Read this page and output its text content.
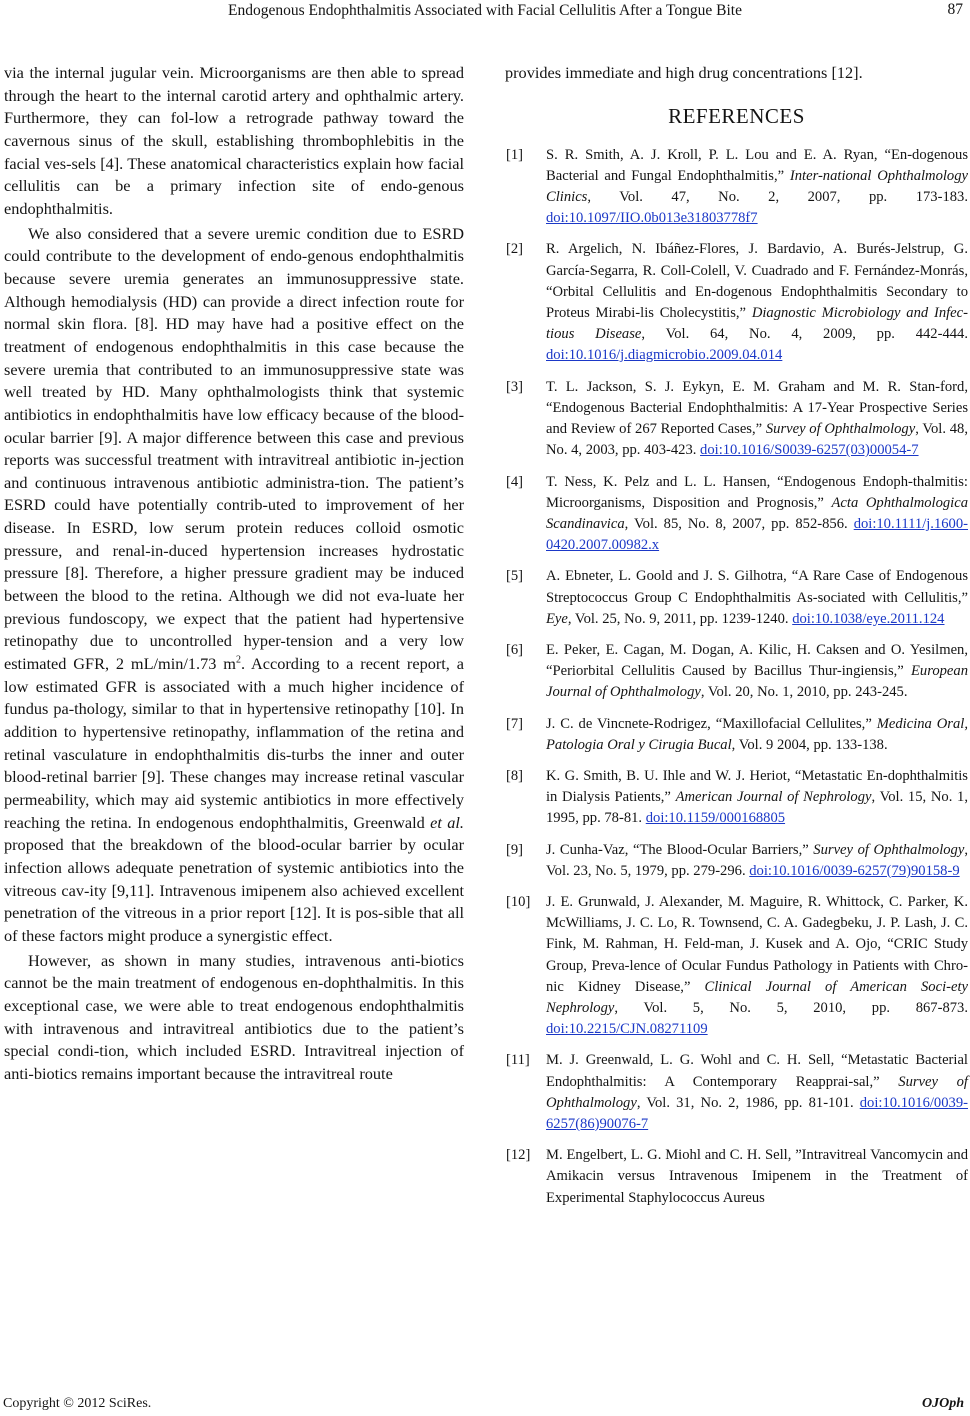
Endogenous Endophthalmitis Associated with Facial Cellulitis After a Tongue Bite	87

via the internal jugular vein. Microorganisms are then able to spread through the heart to the internal carotid artery and ophthalmic artery. Furthermore, they can fol-low a retrograde pathway toward the cavernous sinus of the skull, establishing thrombophlebitis in the facial ves-sels [4]. These anatomical characteristics explain how facial cellulitis can be a primary infection site of endo-genous endophthalmitis.

We also considered that a severe uremic condition due to ESRD could contribute to the development of endo-genous endophthalmitis because severe uremia generates an immunosuppressive state. Although hemodialysis (HD) can provide a direct infection route for normal skin flora. [8]. HD may have had a positive effect on the treatment of endogenous endophthalmitis in this case because the severe uremia that contributed to an immunosuppressive state was well treated by HD. Many ophthalmologists think that systemic antibiotics in endophthalmitis have low efficacy because of the blood-ocular barrier [9]. A major difference between this case and previous reports was successful treatment with intravitreal antibiotic in-jection and continuous intravenous antibiotic administra-tion. The patient’s ESRD could have potentially contrib-uted to improvement of her disease. In ESRD, low serum protein reduces colloid osmotic pressure, and renal-in-duced hypertension increases hydrostatic pressure [8]. Therefore, a higher pressure gradient may be induced between the blood to the retina. Although we did not eva-luate her previous fundoscopy, we expect that the patient had hypertensive retinopathy due to uncontrolled hyper-tension and a very low estimated GFR, 2 mL/min/1.73 $m^2$. According to a recent report, a low estimated GFR is associated with a much higher incidence of fundus pa-thology, similar to that in hypertensive retinopathy [10]. In addition to hypertensive retinopathy, inflammation of the retina and retinal vasculature in endophthalmitis dis-turbs the inner and outer blood-retinal barrier [9]. These changes may increase retinal vascular permeability, which may aid systemic antibiotics in more effectively reaching the retina. In endogenous endophthalmitis, Greenwald et al. proposed that the breakdown of the blood-ocular barrier by ocular infection allows adequate penetration of systemic antibiotics into the vitreous cav-ity [9,11]. Intravenous imipenem also achieved excellent penetration of the vitreous in a prior report [12]. It is pos-sible that all of these factors might produce a synergistic effect.

However, as shown in many studies, intravenous anti-biotics cannot be the main treatment of endogenous en-dophthalmitis. In this exceptional case, we were able to treat endogenous endophthalmitis with intravenous and intravitreal antibiotics due to the patient’s special condi-tion, which included ESRD. Intravitreal injection of anti-biotics remains important because the intravitreal route

provides immediate and high drug concentrations [12].

REFERENCES
[1] S. R. Smith, A. J. Kroll, P. L. Lou and E. A. Ryan, “En-dogenous Bacterial and Fungal Endophthalmitis,” Inter-national Ophthalmology Clinics, Vol. 47, No. 2, 2007, pp. 173-183. doi:10.1097/IIO.0b013e31803778f7
[2] R. Argelich, N. Ibáñez-Flores, J. Bardavio, A. Burés-Jelstrup, G. García-Segarra, R. Coll-Colell, V. Cuadrado and F. Fernández-Monrás, “Orbital Cellulitis and En-dogenous Endophthalmitis Secondary to Proteus Mirabi-lis Cholecystitis,” Diagnostic Microbiology and Infec-tious Disease, Vol. 64, No. 4, 2009, pp. 442-444. doi:10.1016/j.diagmicrobio.2009.04.014
[3] T. L. Jackson, S. J. Eykyn, E. M. Graham and M. R. Stan-ford, “Endogenous Bacterial Endophthalmitis: A 17-Year Prospective Series and Review of 267 Reported Cases,” Survey of Ophthalmology, Vol. 48, No. 4, 2003, pp. 403-423. doi:10.1016/S0039-6257(03)00054-7
[4] T. Ness, K. Pelz and L. L. Hansen, “Endogenous Endoph-thalmitis: Microorganisms, Disposition and Prognosis,” Acta Ophthalmologica Scandinavica, Vol. 85, No. 8, 2007, pp. 852-856. doi:10.1111/j.1600-0420.2007.00982.x
[5] A. Ebneter, L. Goold and J. S. Gilhotra, “A Rare Case of Endogenous Streptococcus Group C Endophthalmitis As-sociated with Cellulitis,” Eye, Vol. 25, No. 9, 2011, pp. 1239-1240. doi:10.1038/eye.2011.124
[6] E. Peker, E. Cagan, M. Dogan, A. Kilic, H. Caksen and O. Yesilmen, “Periorbital Cellulitis Caused by Bacillus Thur-ingiensis,” European Journal of Ophthalmology, Vol. 20, No. 1, 2010, pp. 243-245.
[7] J. C. de Vincnete-Rodrigez, “Maxillofacial Cellulites,” Medicina Oral, Patologia Oral y Cirugia Bucal, Vol. 9 2004, pp. 133-138.
[8] K. G. Smith, B. U. Ihle and W. J. Heriot, “Metastatic En-dophthalmitis in Dialysis Patients,” American Journal of Nephrology, Vol. 15, No. 1, 1995, pp. 78-81. doi:10.1159/000168805
[9] J. Cunha-Vaz, “The Blood-Ocular Barriers,” Survey of Ophthalmology, Vol. 23, No. 5, 1979, pp. 279-296. doi:10.1016/0039-6257(79)90158-9
[10] J. E. Grunwald, J. Alexander, M. Maguire, R. Whittock, C. Parker, K. McWilliams, J. C. Lo, R. Townsend, C. A. Gadegbeku, J. P. Lash, J. C. Fink, M. Rahman, H. Feld-man, J. Kusek and A. Ojo, “CRIC Study Group, Preva-lence of Ocular Fundus Pathology in Patients with Chro-nic Kidney Disease,” Clinical Journal of American Soci-ety Nephrology, Vol. 5, No. 5, 2010, pp. 867-873. doi:10.2215/CJN.08271109
[11] M. J. Greenwald, L. G. Wohl and C. H. Sell, “Metastatic Bacterial Endophthalmitis: A Contemporary Reapprai-sal,” Survey of Ophthalmology, Vol. 31, No. 2, 1986, pp. 81-101. doi:10.1016/0039-6257(86)90076-7
[12] M. Engelbert, L. G. Miohl and C. H. Sell, ”Intravitreal Vancomycin and Amikacin versus Intravenous Imipenem in the Treatment of Experimental Staphylococcus Aureus
Copyright © 2012 SciRes.	OJOph
